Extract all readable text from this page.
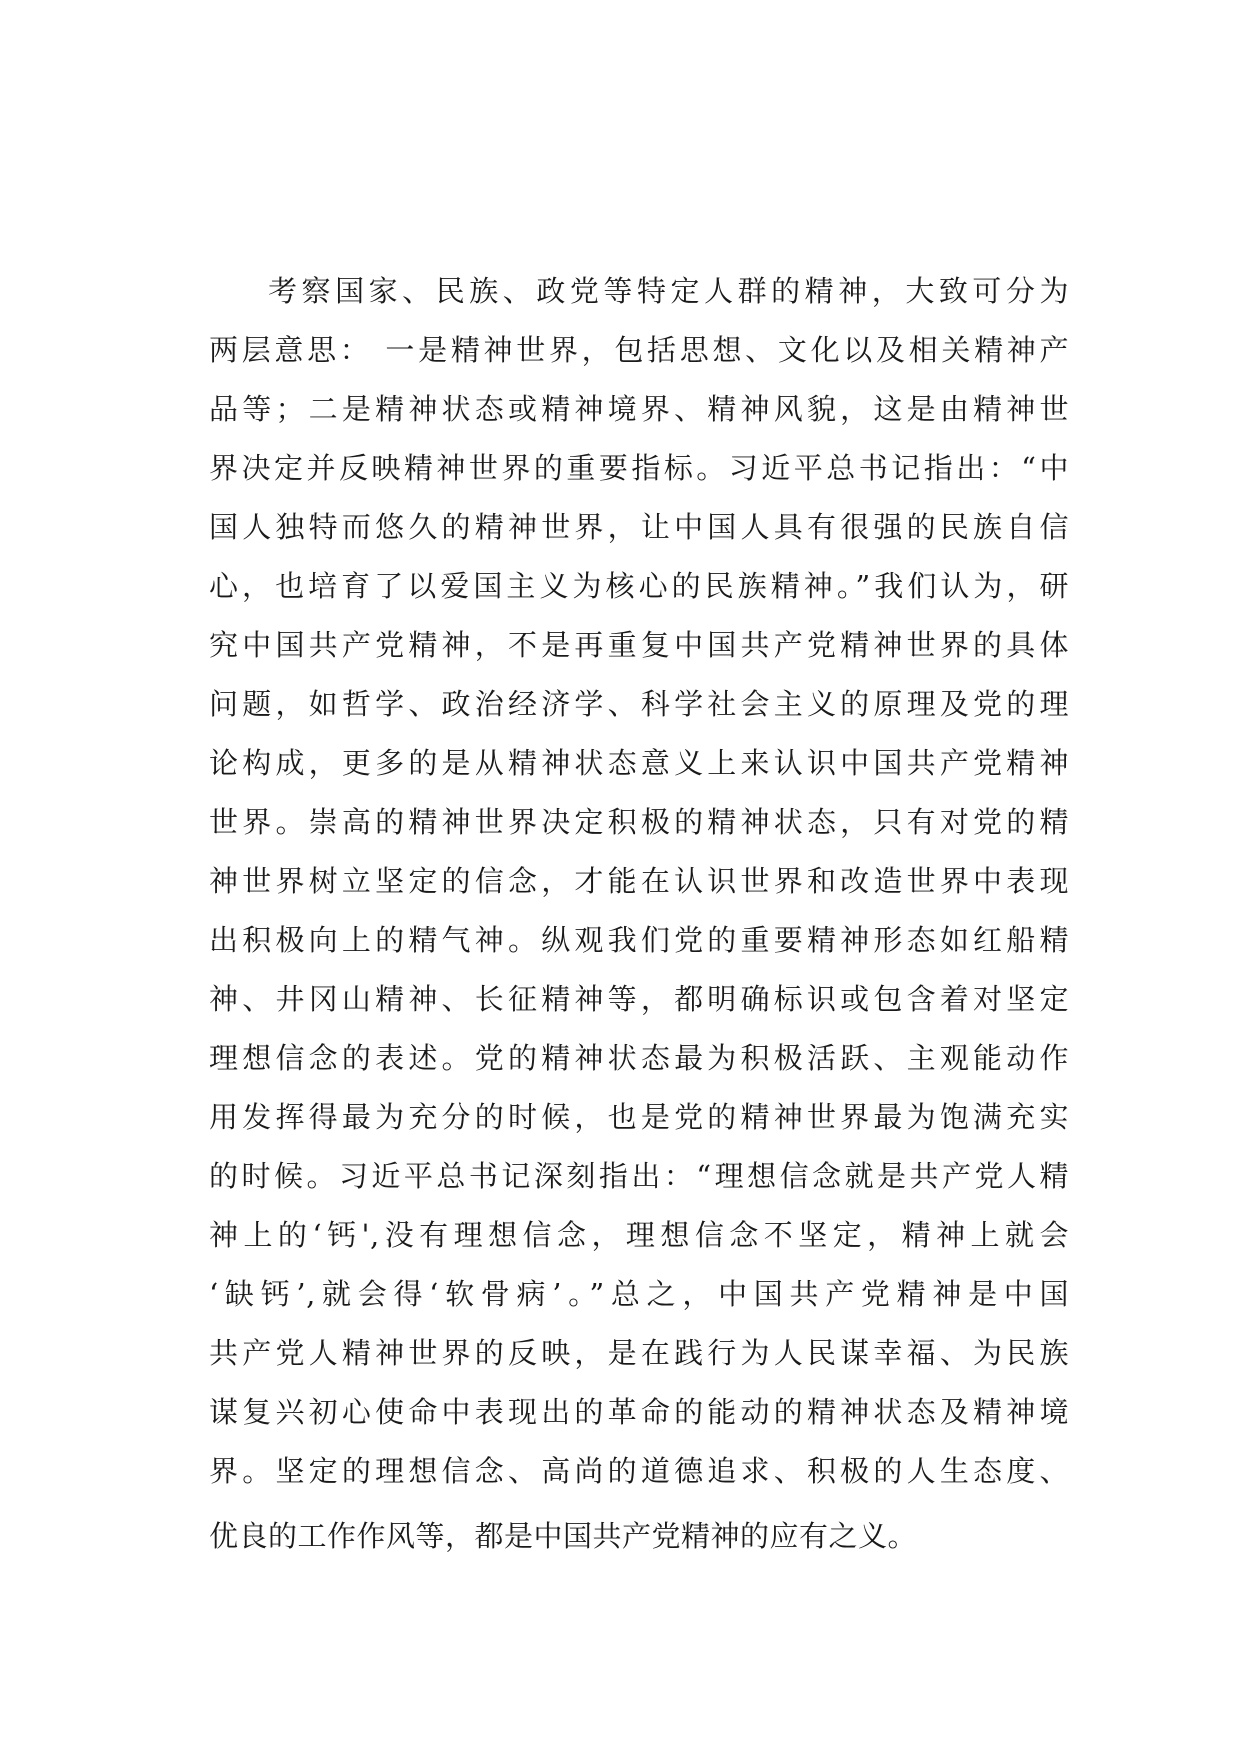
考察国家、民族、政党等特定人群的精神，大致可分为
两层意思： 一是精神世界，包括思想、文化以及相关精神产
品等；二是精神状态或精神境界、精神风貌，这是由精神世
界决定并反映精神世界的重要指标。习近平总书记指出：“中
国人独特而悠久的精神世界，让中国人具有很强的民族自信
心，也培育了以爱国主义为核心的民族精神。”我们认为，研
究中国共产党精神，不是再重复中国共产党精神世界的具体
问题，如哲学、政治经济学、科学社会主义的原理及党的理
论构成，更多的是从精神状态意义上来认识中国共产党精神
世界。崇高的精神世界决定积极的精神状态，只有对党的精
神世界树立坚定的信念，才能在认识世界和改造世界中表现
出积极向上的精气神。纵观我们党的重要精神形态如红船精
神、井冈山精神、长征精神等，都明确标识或包含着对坚定
理想信念的表述。党的精神状态最为积极活跃、主观能动作
用发挥得最为充分的时候，也是党的精神世界最为饱满充实
的时候。习近平总书记深刻指出：“理想信念就是共产党人精
神上的‘钙',没有理想信念，理想信念不坚定，精神上就会
‘缺钙’,就会得‘软骨病’。”总之，中国共产党精神是中国
共产党人精神世界的反映，是在践行为人民谋幸福、为民族
谋复兴初心使命中表现出的革命的能动的精神状态及精神境
界。坚定的理想信念、高尚的道德追求、积极的人生态度、
优良的工作作风等，都是中国共产党精神的应有之义。
